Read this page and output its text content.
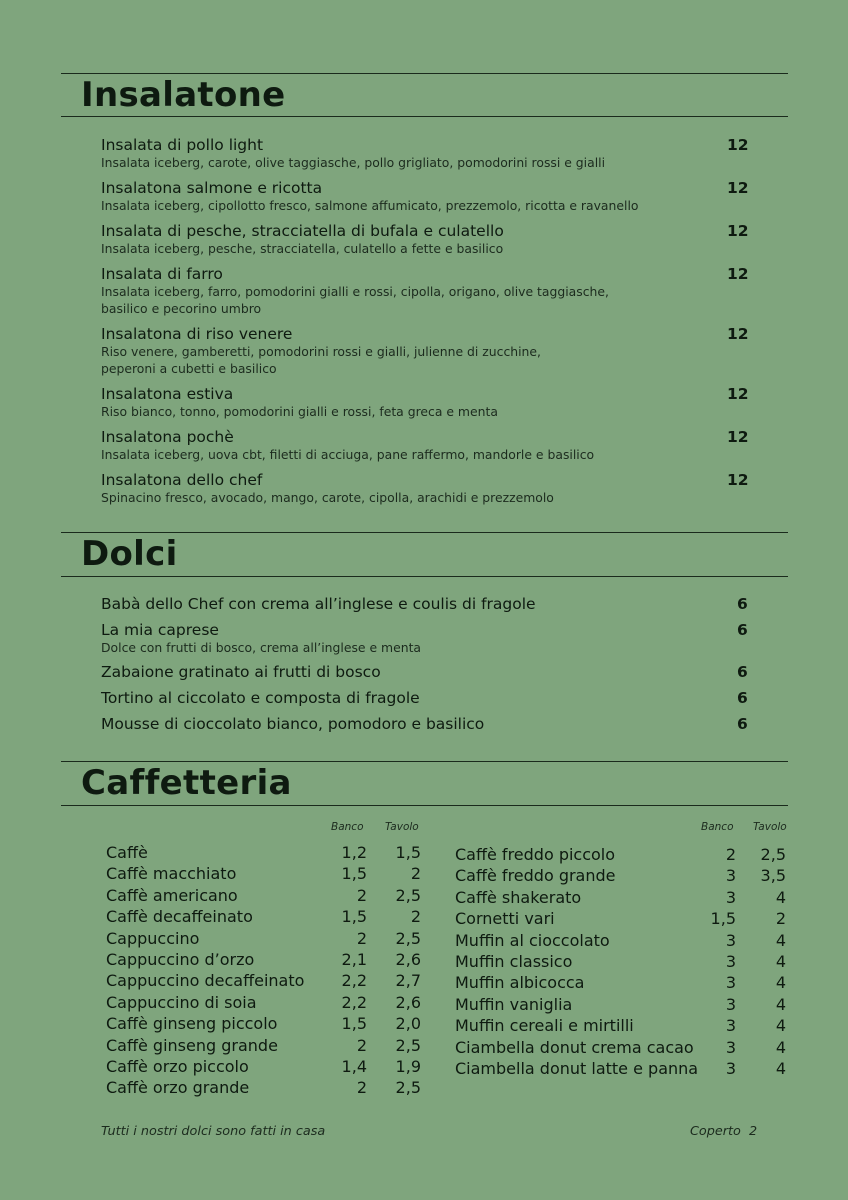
Insalatone
Insalata di pollo light
Insalata iceberg, carote, olive taggiasche, pollo grigliato, pomodorini rossi e gialli
12
Insalatona salmone e ricotta
Insalata iceberg, cipollotto fresco, salmone affumicato, prezzemolo, ricotta e ravanello
12
Insalata di pesche, stracciatella di bufala e culatello
Insalata iceberg, pesche, stracciatella, culatello a fette e basilico
12
Insalata di farro
Insalata iceberg, farro, pomodorini gialli e rossi, cipolla, origano, olive taggiasche,
basilico e pecorino umbro
12
Insalatona di riso venere
Riso venere, gamberetti, pomodorini rossi e gialli, julienne di zucchine,
peperoni a cubetti e basilico
12
Insalatona estiva
Riso bianco, tonno, pomodorini gialli e rossi, feta greca e menta
12
Insalatona pochè
Insalata iceberg, uova cbt, filetti di acciuga, pane raffermo, mandorle e basilico
12
Insalatona dello chef
Spinacino fresco, avocado, mango, carote, cipolla, arachidi e prezzemolo
12
Dolci
Babà dello Chef con crema all’inglese e coulis di fragole	6
La mia caprese
Dolce con frutti di bosco, crema all’inglese e menta
6
Zabaione gratinato ai frutti di bosco	6
Tortino al ciccolato e composta di fragole	6
Mousse di cioccolato bianco, pomodoro e basilico	6
Caffetteria
Banco Tavolo
Caffè	1,2	1,5
Caffè macchiato	1,5	2
Caffè americano	2	2,5
Caffè decaffeinato	1,5	2
Cappuccino	2	2,5
Cappuccino d’orzo	2,1	2,6
Cappuccino decaffeinato	2,2	2,7
Cappuccino di soia	2,2	2,6
Caffè ginseng piccolo	1,5	2,0
Caffè ginseng grande	2	2,5
Caffè orzo piccolo	1,4	1,9
Caffè orzo grande	2	2,5
Banco Tavolo
Caffè freddo piccolo	2	2,5
Caffè freddo grande	3	3,5
Caffè shakerato	3	4
Cornetti vari	1,5	2
Muffin al cioccolato	3	4
Muffin classico	3	4
Muffin albicocca	3	4
Muffin vaniglia	3	4
Muffin cereali e mirtilli	3	4
Ciambella donut crema cacao	3	4
Ciambella donut latte e panna	3	4
Tutti i nostri dolci sono fatti in casa	Coperto  2
